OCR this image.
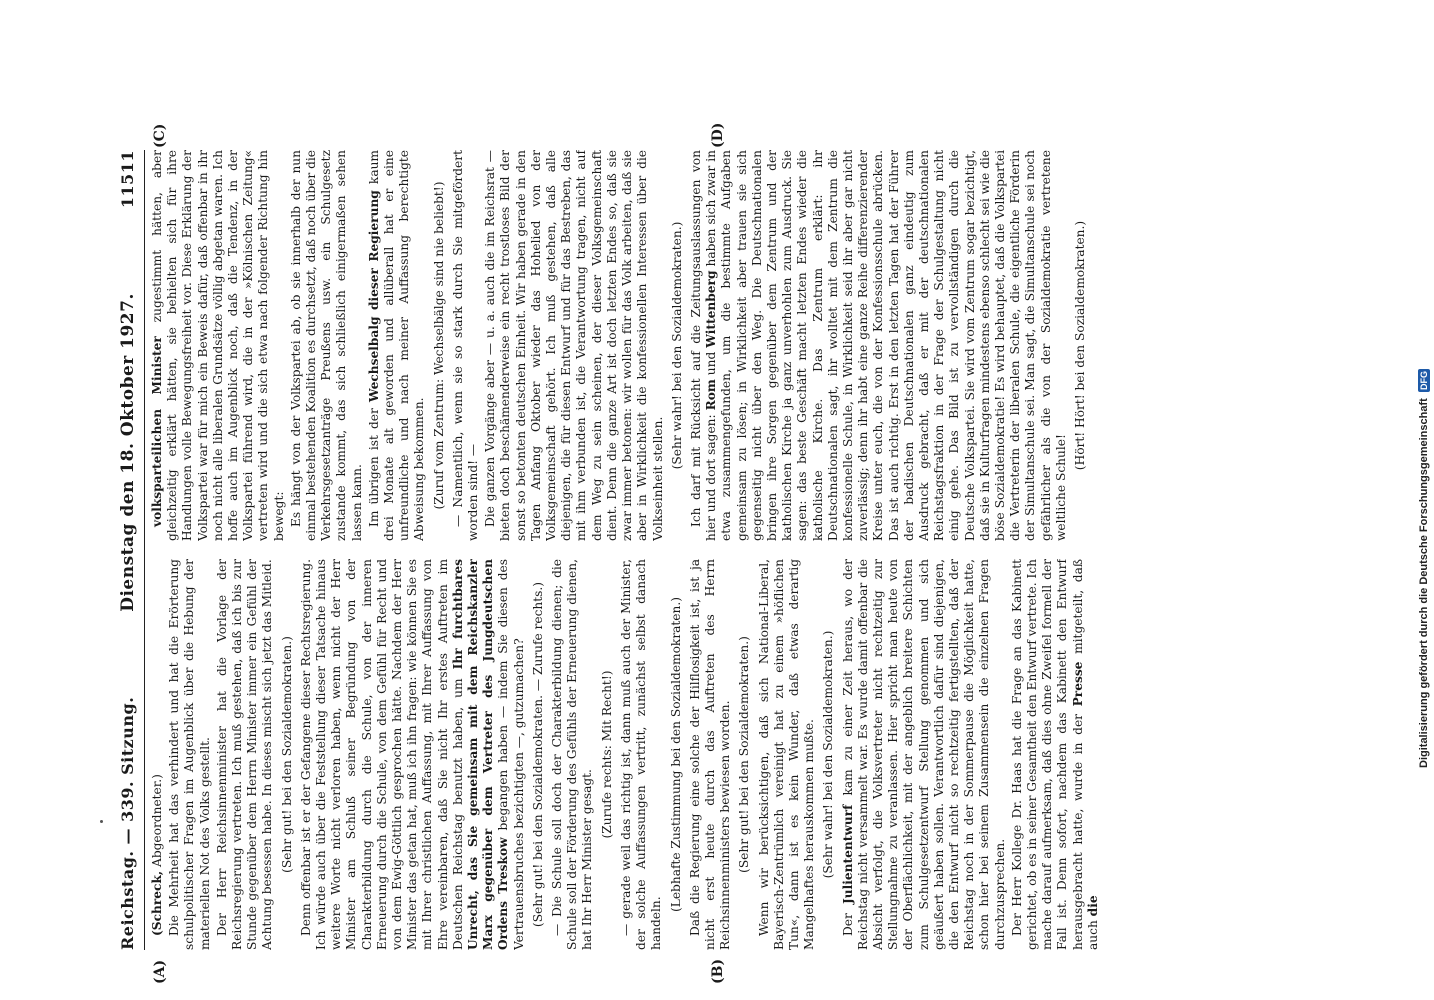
Reichstag. — 339. Sitzung.
Dienstag den 18. Oktober 1927.
11511

(Schreck, Abgeordneter.) Die Mehrheit hat das verhindert und hat die Erörterung schulpolitischer Fragen im Augenblick über die Hebung der materiellen Not des Volks gestellt. Der Herr Reichsinnenminister hat die Vorlage der Reichsregierung vertreten. Ich muß gestehen, daß ich bis zur Stunde gegenüber dem Herrn Minister immer ein Gefühl der Achtung besessen habe. In dieses mischt sich jetzt das Mitleid. (Sehr gut! bei den Sozialdemokraten.) Denn offenbar ist er der Gefangene dieser Rechtsregierung. Ich würde auch über die Feststellung dieser Tatsache hinaus weitere Worte nicht verloren haben, wenn nicht der Herr Minister am Schluß seiner Begründung von der Charakterbildung durch die Schule, von der inneren Erneuerung durch die Schule, von dem Gefühl für Recht und von dem Ewig-Göttlich gesprochen hätte. Nachdem der Herr Minister das getan hat, muß ich ihn fragen: wie können Sie es mit Ihrer christlichen Auffassung, mit Ihrer Auffassung von Ehre vereinbaren, daß Sie nicht Ihr erstes Auftreten im Deutschen Reichstag benutzt haben, um Ihr furchtbares Unrecht, das Sie gemeinsam mit dem Reichskanzler Marx gegenüber dem Vertreter des Jungdeutschen Ordens Treskow begangen haben — indem Sie diesen des Vertrauensbruches bezichtigten —, gutzumachen? (Sehr gut! bei den Sozialdemokraten. — Zurufe rechts.) — Die Schule soll doch der Charakterbildung dienen; die Schule soll der Förderung des Gefühls der Erneuerung dienen, hat Ihr Herr Minister gesagt.

(Zurufe rechts: Mit Recht!) — gerade weil das richtig ist, dann muß auch der Minister, der solche Auffassungen vertritt, zunächst selbst danach handeln.

(Lebhafte Zustimmung bei den Sozialdemokraten.) Daß die Regierung eine solche der Hilflosigkeit ist, ist ja nicht erst heute durch das Auftreten des Herrn Reichsinnenministers bewiesen worden. (Sehr gut! bei den Sozialdemokraten.) Wenn wir berücksichtigen, daß sich National-Liberal, Bayerisch-Zentrümlich vereinigt hat zu einem »höflichen Tun«, dann ist es kein Wunder, daß etwas derartig Mangelhaftes herauskommen mußte. (Sehr wahr! bei den Sozialdemokraten.)

Der Juliententwurf kam zu einer Zeit heraus, wo der Reichstag nicht versammelt war. Es wurde damit offenbar die Absicht verfolgt, die Volksvertreter nicht rechtzeitig zur Stellungnahme zu veranlassen. Hier spricht man heute von der Oberflächlichkeit, mit der angeblich breitere Schichten zum Schulgesetzentwurf Stellung genommen und sich geäußert haben sollen. Verantwortlich dafür sind diejenigen, die den Entwurf nicht so rechtzeitig fertigstellten, daß der Reichstag noch in der Sommerpause die Möglichkeit hatte, schon hier bei seinem Zusammensein die einzelnen Fragen durchzusprechen. Der Herr Kollege Dr. Haas hat die Frage an das Kabinett gerichtet, ob es in seiner Gesamtheit den Entwurf vertrete. Ich mache darauf aufmerksam, daß dies ohne Zweifel formell der Fall ist. Denn sofort, nachdem das Kabinett den Entwurf herausgebracht hatte, wurde in der Presse mitgeteilt, daß auch die

volksparteilichen Minister zugestimmt hätten, aber gleichzeitig erklärt hätten, sie behielten sich für ihre Handlungen volle Bewegungsfreiheit vor. Diese Erklärung der Volkspartei war für mich ein Beweis dafür, daß offenbar in ihr noch nicht alle liberalen Grundsätze völlig abgetan waren. Ich hoffe auch im Augenblick noch, daß die Tendenz, in der Volkspartei führend wird, die in der »Kölnischen Zeitung« vertreten wird und die sich etwa nach folgender Richtung hin bewegt: Es hängt von der Volkspartei ab, ob sie innerhalb der nun einmal bestehenden Koalition es durchsetzt, daß noch über die Verkehrsgesetzanträge Preußens usw. ein Schulgesetz zustande kommt, das sich schließlich einigermaßen sehen lassen kann. Im übrigen ist der Wechselbalg dieser Regierung kaum drei Monate alt geworden und allüberall hat er eine unfreundliche und nach meiner Auffassung berechtigte Abweisung bekommen. (Zuruf vom Zentrum: Wechselbälge sind nie beliebt!) — Namentlich, wenn sie so stark durch Sie mitgefördert worden sind! — Die ganzen Vorgänge aber — u. a. auch die im Reichsrat — bieten doch beschämenderweise ein recht trostloses Bild der sonst so betonten deutschen Einheit. Wir haben gerade in den Tagen Anfang Oktober wieder das Hohelied von der Volksgemeinschaft gehört. Ich muß gestehen, daß alle diejenigen, die für diesen Entwurf und für das Bestreben, das mit ihm verbunden ist, die Verantwortung tragen, nicht auf dem Weg zu sein scheinen, der dieser Volksgemeinschaft dient. Denn die ganze Art ist doch letzten Endes so, daß sie zwar immer betonen: wir wollen für das Volk arbeiten, daß sie aber in Wirklichkeit die konfessionellen Interessen über die Volkseinheit stellen.

(Sehr wahr! bei den Sozialdemokraten.) Ich darf mit Rücksicht auf die Zeitungsauslassungen von hier und dort sagen: Rom und Wittenberg haben sich zwar in etwa zusammengefunden, um die bestimmte Aufgaben gemeinsam zu lösen; in Wirklichkeit aber trauen sie sich gegenseitig nicht über den Weg. Die Deutschnationalen bringen ihre Sorgen gegenüber dem Zentrum und der katholischen Kirche ja ganz unverhohlen zum Ausdruck. Sie sagen: das beste Geschäft macht letzten Endes wieder die katholische Kirche. Das Zentrum erklärt: ihr Deutschnationalen sagt, ihr wolltet mit dem Zentrum die konfessionelle Schule, in Wirklichkeit seid ihr aber gar nicht zuverlässig; denn ihr habt eine ganze Reihe differenzierender Kreise unter euch, die von der Konfessionsschule abrücken. Das ist auch richtig. Erst in den letzten Tagen hat der Führer der badischen Deutschnationalen ganz eindeutig zum Ausdruck gebracht, daß er mit der deutschnationalen Reichstagsfraktion in der Frage der Schulgestaltung nicht einig gehe. Das Bild ist zu vervollständigen durch die Deutsche Volkspartei. Sie wird vom Zentrum sogar bezichtigt, daß sie in Kulturfragen mindestens ebenso schlecht sei wie die böse Sozialdemokratie! Es wird behauptet, daß die Volkspartei die Vertreterin der liberalen Schule, die eigentliche Förderin der Simultanschule sei. Man sagt, die Simultanschule sei noch gefährlicher als die von der Sozialdemokratie vertretene weltliche Schule!

(Hört! Hört! bei den Sozialdemokraten.)

(A)	(B)
(C)	(D)
Digitalisierung gefördert durch die Deutsche Forschungsgemeinschaft
DFG
